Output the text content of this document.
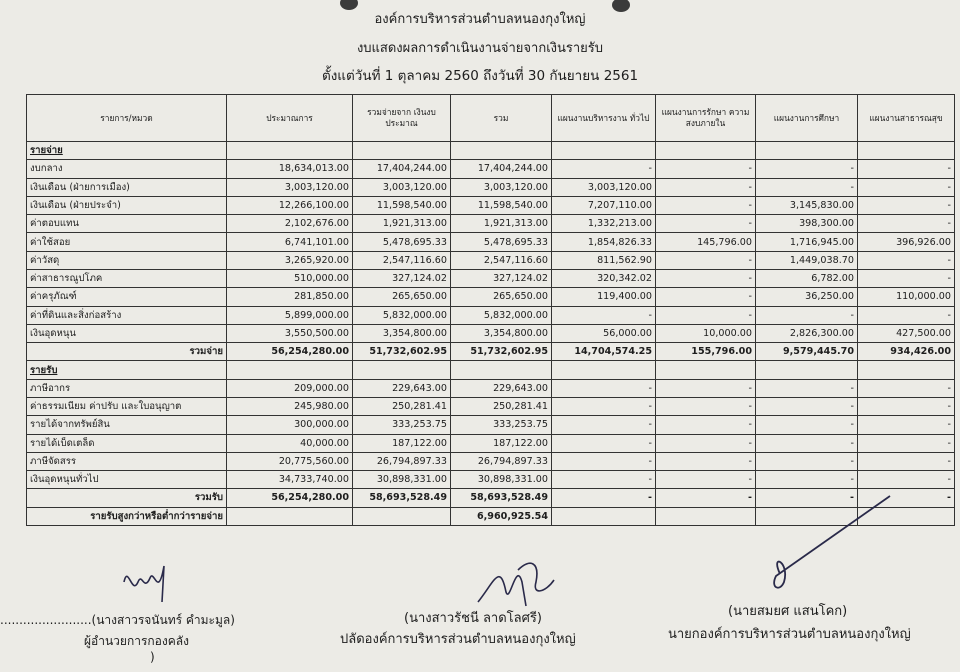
องค์การบริหารส่วนตำบลหนองกุงใหญ่
งบแสดงผลการดำเนินงานจ่ายจากเงินรายรับ
ตั้งแต่วันที่ 1 ตุลาคม 2560 ถึงวันที่ 30 กันยายน 2561
รายการ/หมวด	ประมาณการ	รวมจ่ายจาก เงินงบประมาณ	รวม	แผนงานบริหารงาน ทั่วไป	แผนงานการรักษา ความสงบภายใน	แผนงานการศึกษา	แผนงานสาธารณสุข
รายจ่าย							
งบกลาง	18,634,013.00	17,404,244.00	17,404,244.00	-	-	-	-
เงินเดือน (ฝ่ายการเมือง)	3,003,120.00	3,003,120.00	3,003,120.00	3,003,120.00	-	-	-
เงินเดือน (ฝ่ายประจำ)	12,266,100.00	11,598,540.00	11,598,540.00	7,207,110.00	-	3,145,830.00	-
ค่าตอบแทน	2,102,676.00	1,921,313.00	1,921,313.00	1,332,213.00	-	398,300.00	-
ค่าใช้สอย	6,741,101.00	5,478,695.33	5,478,695.33	1,854,826.33	145,796.00	1,716,945.00	396,926.00
ค่าวัสดุ	3,265,920.00	2,547,116.60	2,547,116.60	811,562.90	-	1,449,038.70	-
ค่าสาธารณูปโภค	510,000.00	327,124.02	327,124.02	320,342.02	-	6,782.00	-
ค่าครุภัณฑ์	281,850.00	265,650.00	265,650.00	119,400.00	-	36,250.00	110,000.00
ค่าที่ดินและสิ่งก่อสร้าง	5,899,000.00	5,832,000.00	5,832,000.00	-	-	-	-
เงินอุดหนุน	3,550,500.00	3,354,800.00	3,354,800.00	56,000.00	10,000.00	2,826,300.00	427,500.00
รวมจ่าย	56,254,280.00	51,732,602.95	51,732,602.95	14,704,574.25	155,796.00	9,579,445.70	934,426.00
รายรับ							
ภาษีอากร	209,000.00	229,643.00	229,643.00	-	-	-	-
ค่าธรรมเนียม ค่าปรับ และใบอนุญาต	245,980.00	250,281.41	250,281.41	-	-	-	-
รายได้จากทรัพย์สิน	300,000.00	333,253.75	333,253.75	-	-	-	-
รายได้เบ็ดเตล็ด	40,000.00	187,122.00	187,122.00	-	-	-	-
ภาษีจัดสรร	20,775,560.00	26,794,897.33	26,794,897.33	-	-	-	-
เงินอุดหนุนทั่วไป	34,733,740.00	30,898,331.00	30,898,331.00	-	-	-	-
รวมรับ	56,254,280.00	58,693,528.49	58,693,528.49	-	-	-	-
รายรับสูงกว่าหรือต่ำกว่ารายจ่าย			6,960,925.54				
........................(นางสาวรจนันทร์ คำมะมูล)
ผู้อำนวยการกองคลัง
)
(นางสาวรัชนี ลาดโลศรี)
ปลัดองค์การบริหารส่วนตำบลหนองกุงใหญ่
(นายสมยศ แสนโคก)
นายกองค์การบริหารส่วนตำบลหนองกุงใหญ่
